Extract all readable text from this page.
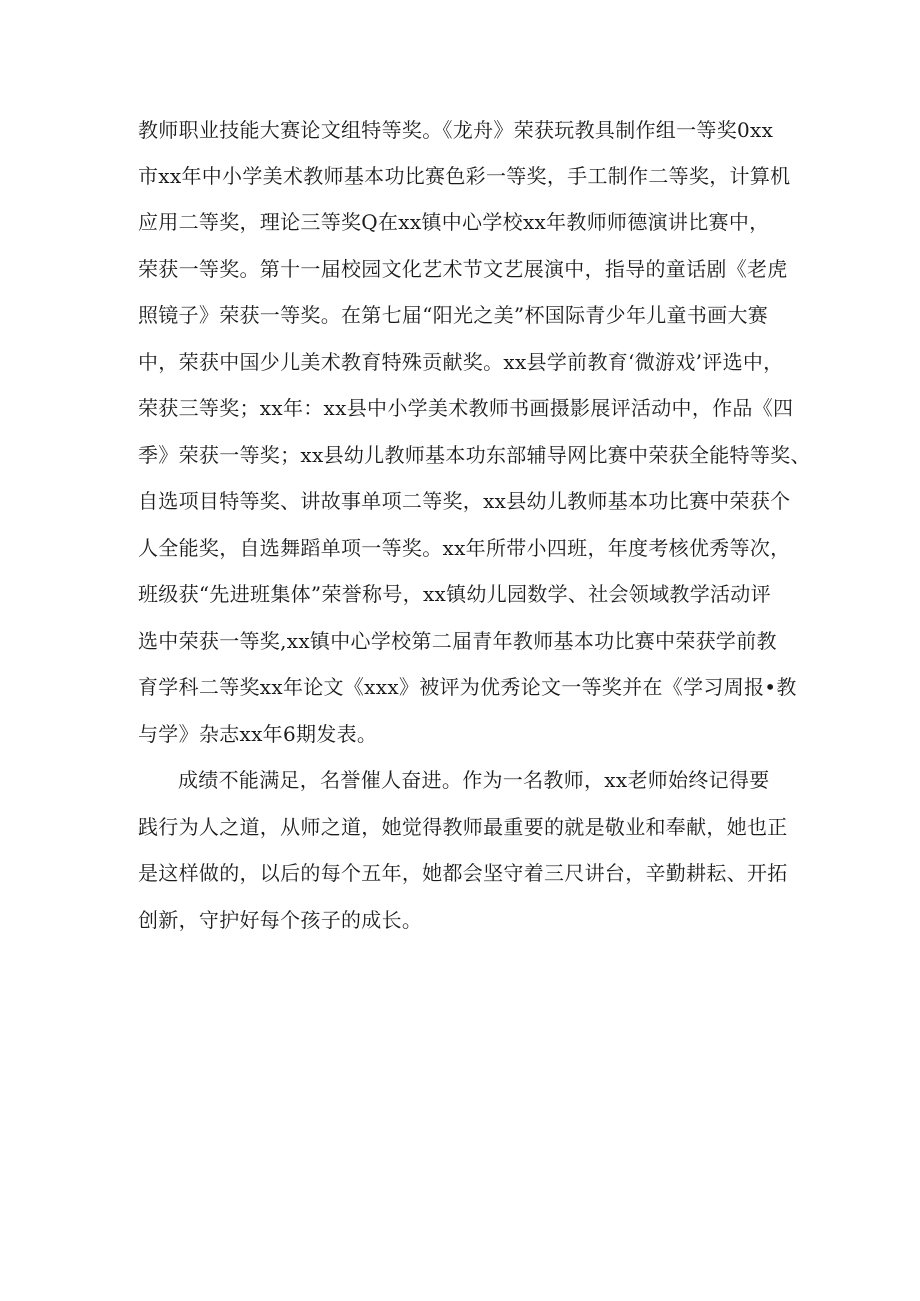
教师职业技能大赛论文组特等奖。《龙舟》荣获玩教具制作组一等奖0xx
市xx年中小学美术教师基本功比赛色彩一等奖，手工制作二等奖，计算机
应用二等奖，理论三等奖Q在xx镇中心学校xx年教师师德演讲比赛中，
荣获一等奖。第十一届校园文化艺术节文艺展演中，指导的童话剧《老虎
照镜子》荣获一等奖。在第七届“阳光之美”杯国际青少年儿童书画大赛
中，荣获中国少儿美术教育特殊贡献奖。xx县学前教育‘微游戏’评选中，
荣获三等奖；xx年：xx县中小学美术教师书画摄影展评活动中，作品《四
季》荣获一等奖；xx县幼儿教师基本功东部辅导网比赛中荣获全能特等奖、
自选项目特等奖、讲故事单项二等奖，xx县幼儿教师基本功比赛中荣获个
人全能奖，自选舞蹈单项一等奖。xx年所带小四班，年度考核优秀等次，
班级获“先进班集体”荣誉称号，xx镇幼儿园数学、社会领域教学活动评
选中荣获一等奖,xx镇中心学校第二届青年教师基本功比赛中荣获学前教
育学科二等奖xx年论文《xxx》被评为优秀论文一等奖并在《学习周报•教
与学》杂志xx年6期发表。
成绩不能满足，名誉催人奋进。作为一名教师，xx老师始终记得要
践行为人之道，从师之道，她觉得教师最重要的就是敬业和奉献，她也正
是这样做的，以后的每个五年，她都会坚守着三尺讲台，辛勤耕耘、开拓
创新，守护好每个孩子的成长。
